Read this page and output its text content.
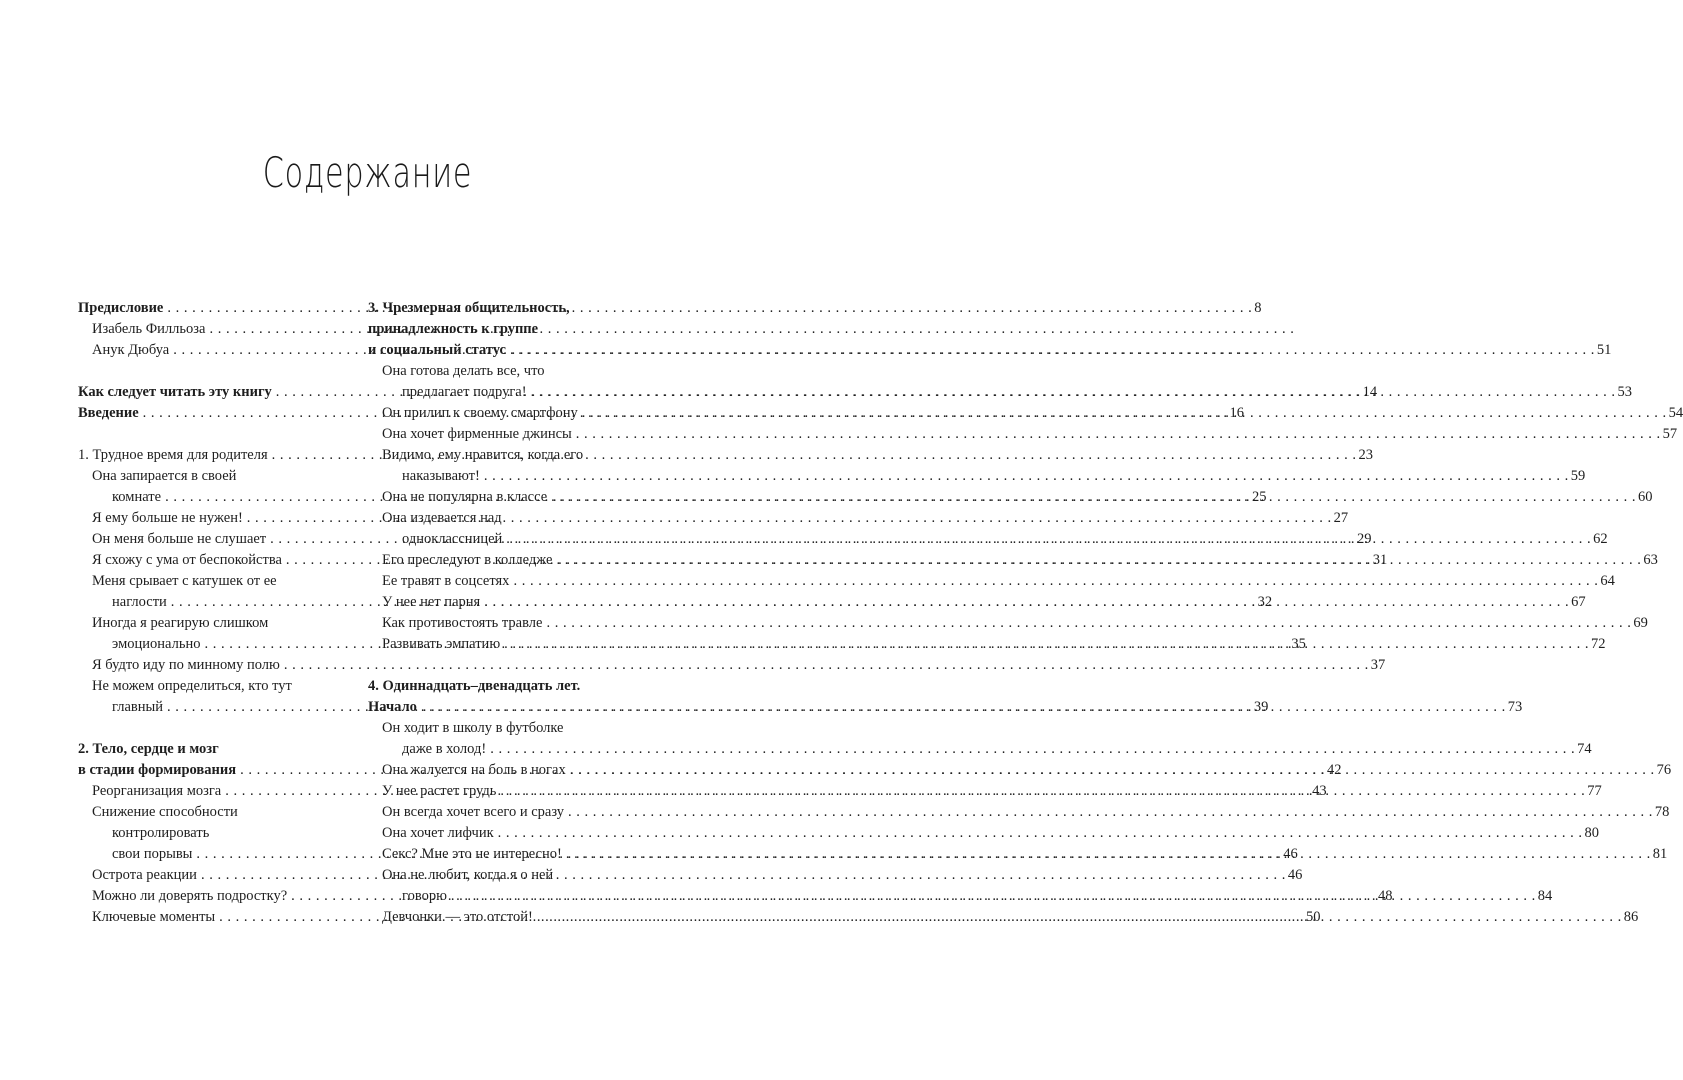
Содержание
Предисловие . . .	8
Изабель Филльоза. . .
Анук Дюбуа. . .
Как следует читать эту книгу . . .	14
Введение . . .	16
1. Трудное время для родителя . . .	23
Она запирается в своей
комнате . . .	25
Я ему больше не нужен! . . .	27
Он меня больше не слушает . . .	29
Я схожу с ума от беспокойства . . .	31
Меня срывает с катушек от ее
наглости . . .	32
Иногда я реагирую слишком
эмоционально . . .	35
Я будто иду по минному полю . . .	37
Не можем определиться, кто тут
главный . . .	39
2. Тело, сердце и мозг
в стадии формирования . . .	42
Реорганизация мозга . . .	43
Снижение способности
контролировать
свои порывы . . .	46
Острота реакции . . .	46
Можно ли доверять подростку? . . .	48
Ключевые моменты . . .	50
3. Чрезмерная общительность,
принадлежность к группе
и социальный статус . . .	51
Она готова делать все, что
предлагает подруга! . . .	53
Он прилип к своему смартфону . . .	54
Она хочет фирменные джинсы . . .	57
Видимо, ему нравится, когда его
наказывают! . . .	59
Она не популярна в классе . . .	60
Она издевается над
одноклассницей . . .	62
Его преследуют в колледже . . .	63
Ее травят в соцсетях . . .	64
У нее нет парня . . .	67
Как противостоять травле . . .	69
Развивать эмпатию . . .	72
4. Одиннадцать–двенадцать лет.
Начало . . .	73
Он ходит в школу в футболке
даже в холод! . . .	74
Она жалуется на боль в ногах . . .	76
У нее растет грудь . . .	77
Он всегда хочет всего и сразу . . .	78
Она хочет лифчик . . .	80
Секс? Мне это не интересно! . . .	81
Она не любит, когда я о ней
говорю . . .	84
Девчонки — это отстой! . . .	86
